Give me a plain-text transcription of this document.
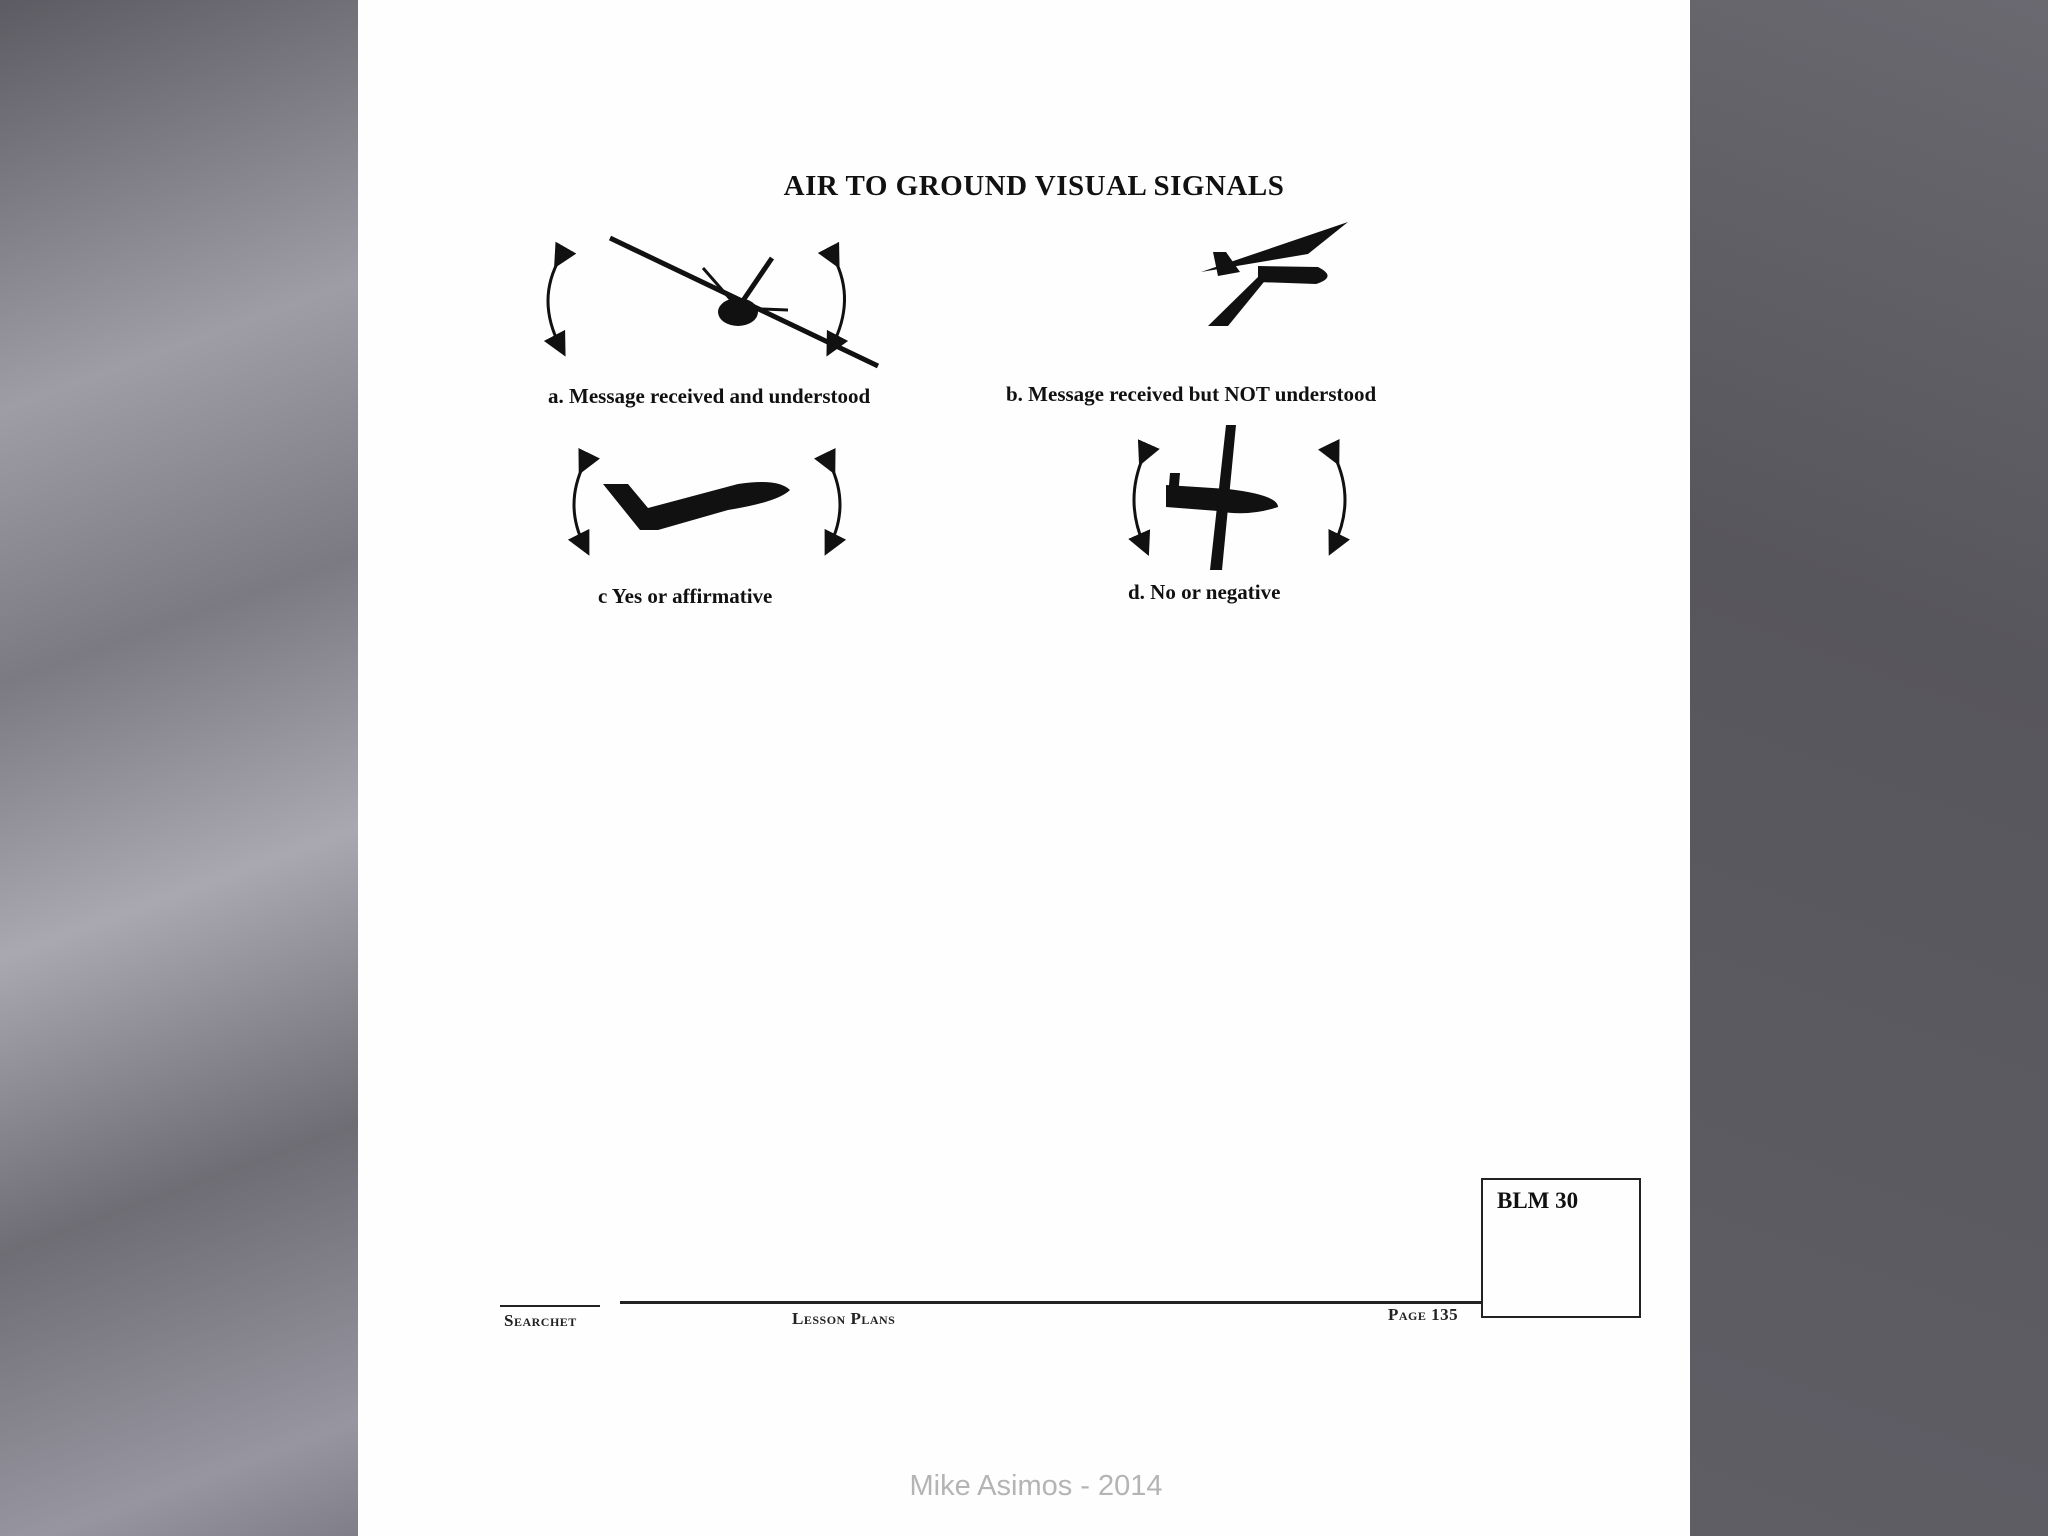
AIR TO GROUND VISUAL SIGNALS
a. Message received and understood	b. Message received but NOT understood
c Yes or affirmative	d. No or negative
Searchet	Lesson Plans	Page 135
BLM 30
Mike Asimos - 2014
